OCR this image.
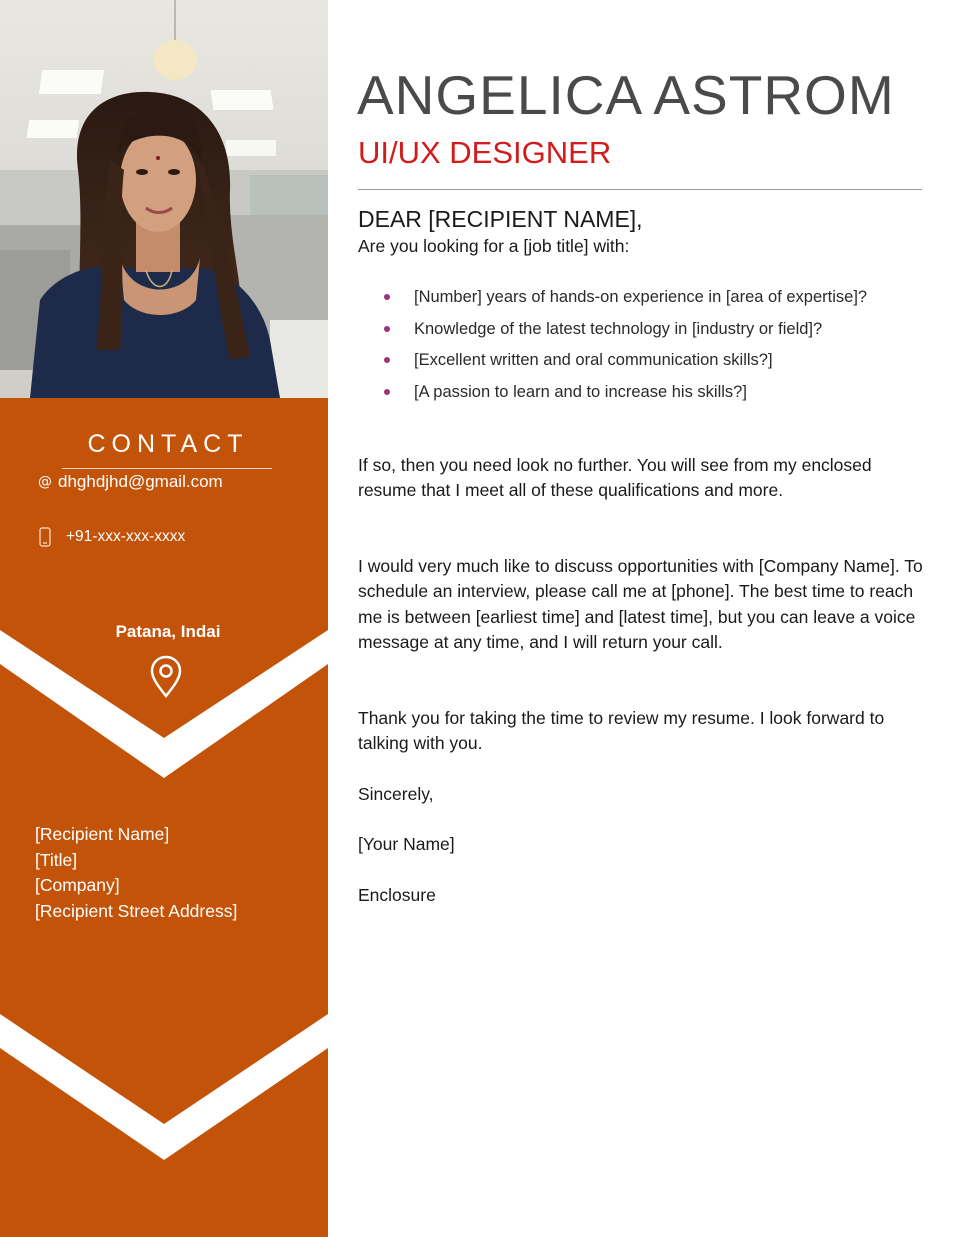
CONTACT
@ dhghdjhd@gmail.com
+91-xxx-xxx-xxxx
Patana, Indai
[Recipient Name]
[Title]
[Company]
[Recipient Street Address]
ANGELICA ASTROM
UI/UX DESIGNER
DEAR [RECIPIENT NAME],
Are you looking for a [job title] with:
[Number] years of hands-on experience in [area of expertise]?
Knowledge of the latest technology in [industry or field]?
[Excellent written and oral communication skills?]
[A passion to learn and to increase his skills?]

If so, then you need look no further. You will see from my enclosed resume that I meet all of these qualifications and more.

I would very much like to discuss opportunities with [Company Name]. To schedule an interview, please call me at [phone]. The best time to reach me is between [earliest time] and [latest time], but you can leave a voice message at any time, and I will return your call.

Thank you for taking the time to review my resume. I look forward to talking with you.

Sincerely,

[Your Name]

Enclosure
